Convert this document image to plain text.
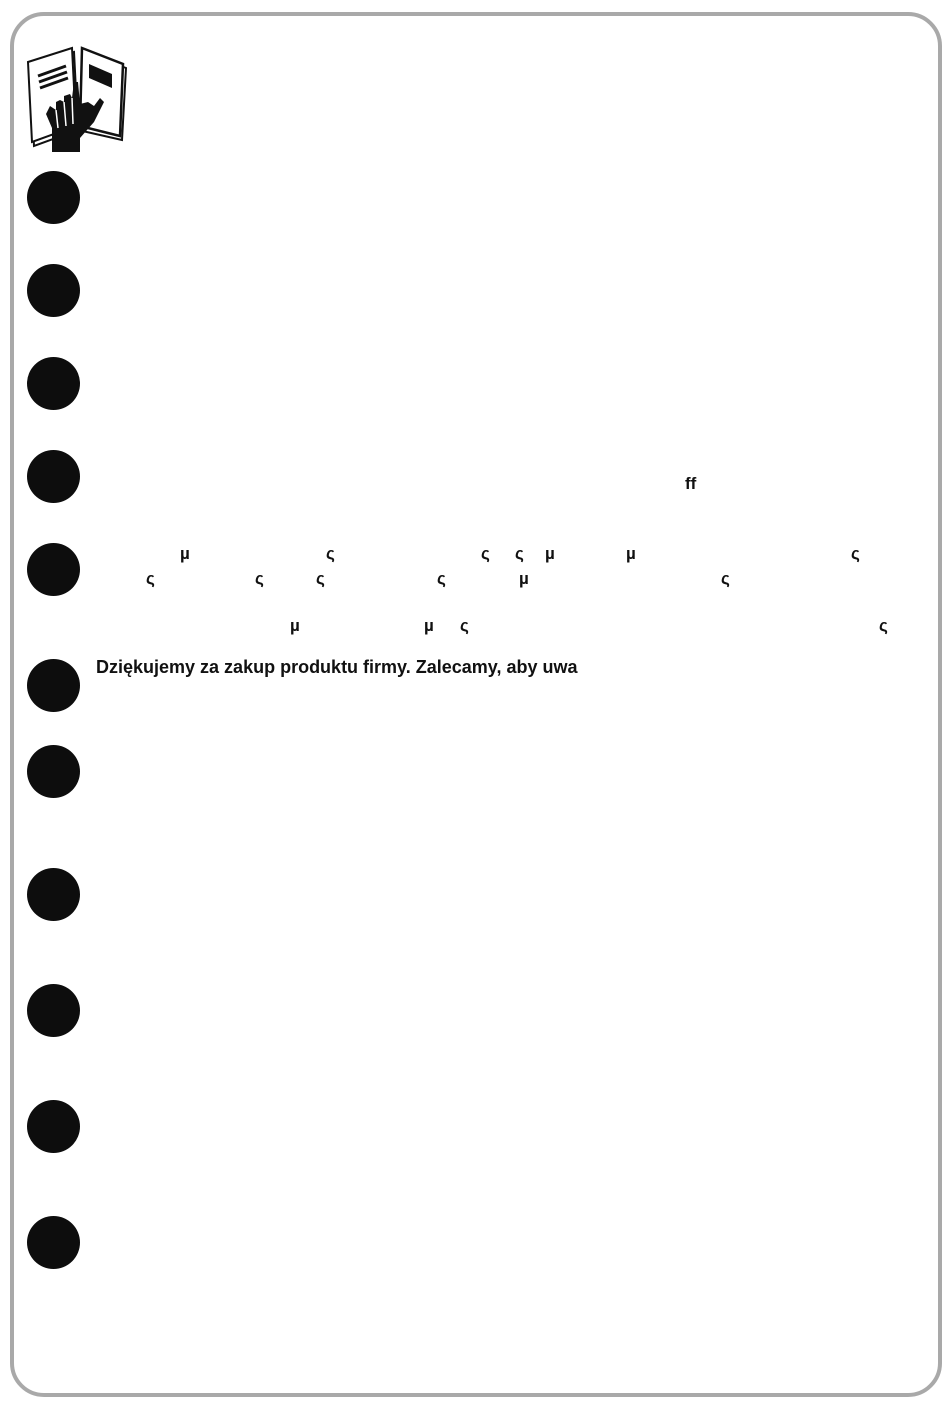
ff
µ	ς	ς ς µ	µ	ς
ς	ς	ς	ς	µ	ς
µ	µ ς	ς
Dziękujemy za zakup produktu firmy. Zalecamy, aby uwa
